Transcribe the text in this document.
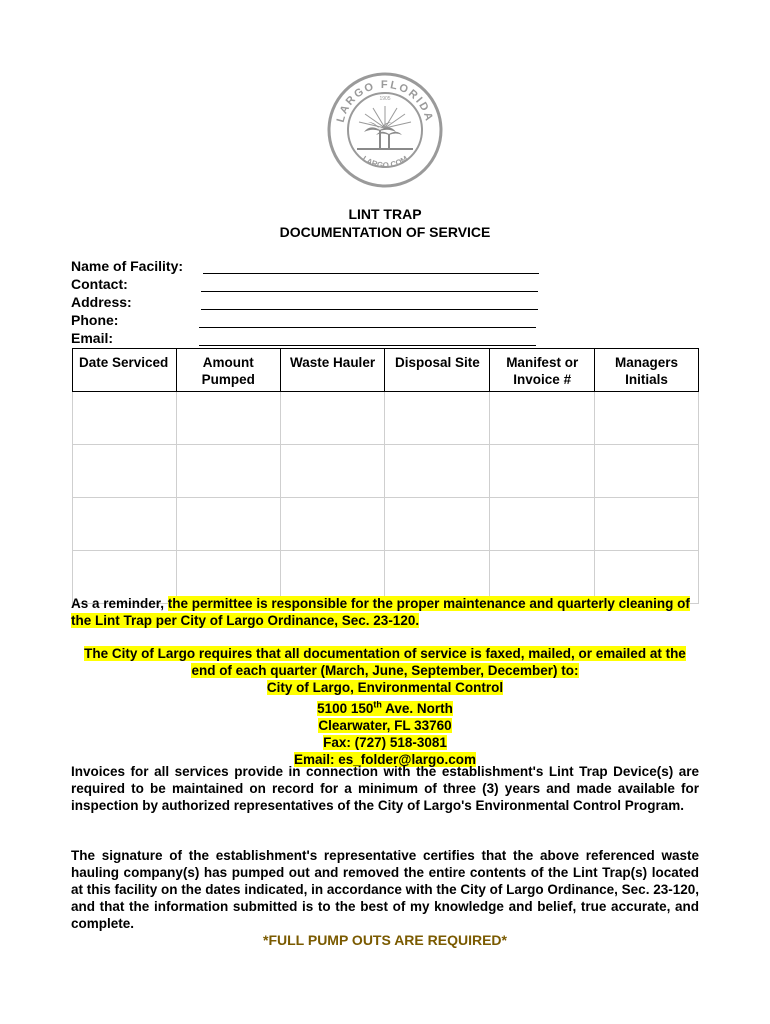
LARGO FLORIDA
LARGO.COM
1905
LINT TRAP
DOCUMENTATION OF SERVICE
Name of Facility:
Contact:
Address:
Phone:
Email:
Date Serviced	Amount Pumped	Waste Hauler	Disposal Site	Manifest or Invoice #	Managers Initials

As a reminder, the permittee is responsible for the proper maintenance and quarterly cleaning of the Lint Trap per City of Largo Ordinance, Sec. 23-120.
The City of Largo requires that all documentation of service is faxed, mailed, or emailed at the
end of each quarter (March, June, September, December) to:
City of Largo, Environmental Control
5100 150th Ave. North
Clearwater, FL 33760
Fax: (727) 518-3081
Email: es_folder@largo.com
Invoices for all services provide in connection with the establishment's Lint Trap Device(s) are required to be maintained on record for a minimum of three (3) years and made available for inspection by authorized representatives of the City of Largo's Environmental Control Program.
The signature of the establishment's representative certifies that the above referenced waste hauling company(s) has pumped out and removed the entire contents of the Lint Trap(s) located at this facility on the dates indicated, in accordance with the City of Largo Ordinance, Sec. 23-120, and that the information submitted is to the best of my knowledge and belief, true accurate, and complete.
*FULL PUMP OUTS ARE REQUIRED*
